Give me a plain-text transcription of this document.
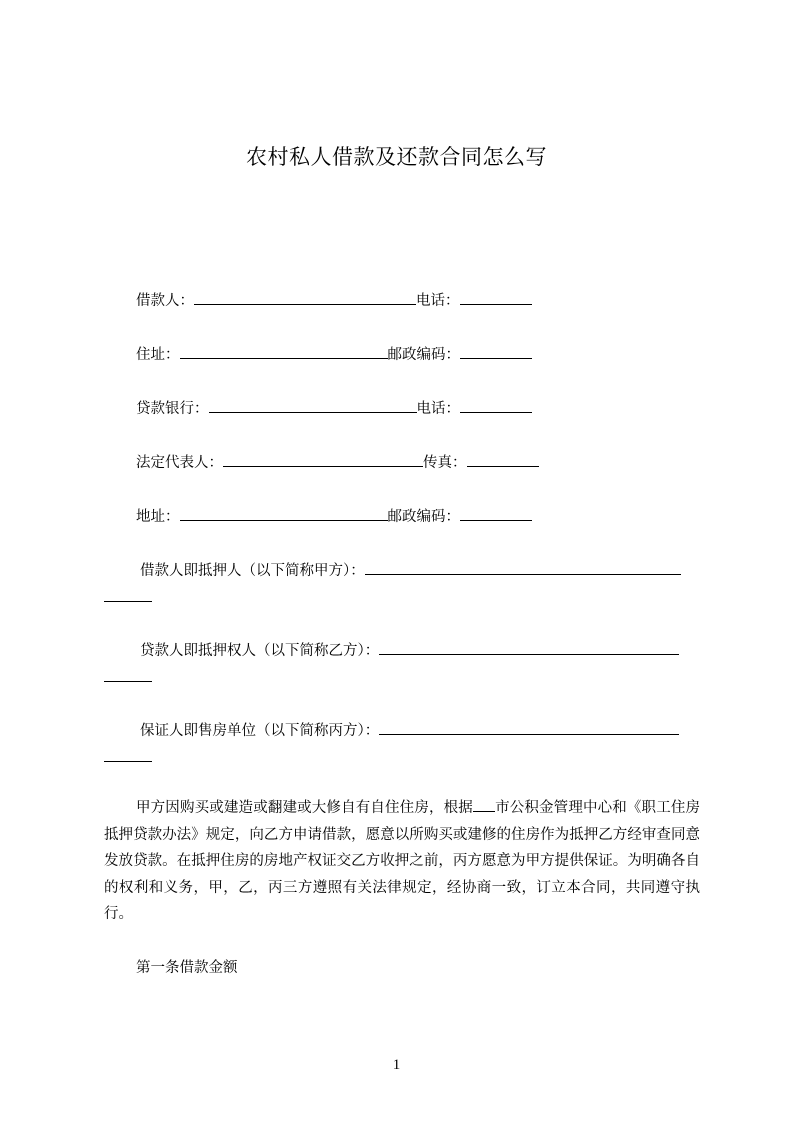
农村私人借款及还款合同怎么写
借款人：	电话：
住址：	邮政编码：
贷款银行：	电话：
法定代表人：	传真：
地址：	邮政编码：
借款人即抵押人（以下简称甲方）：
贷款人即抵押权人（以下简称乙方）：
保证人即售房单位（以下简称丙方）：
甲方因购买或建造或翻建或大修自有自住住房，根据 市公积金管理中心和《职工住房抵押贷款办法》规定，向乙方申请借款，愿意以所购买或建修的住房作为抵押乙方经审查同意发放贷款。在抵押住房的房地产权证交乙方收押之前，丙方愿意为甲方提供保证。为明确各自的权利和义务，甲，乙，丙三方遵照有关法律规定，经协商一致，订立本合同，共同遵守执行。
第一条借款金额
1
